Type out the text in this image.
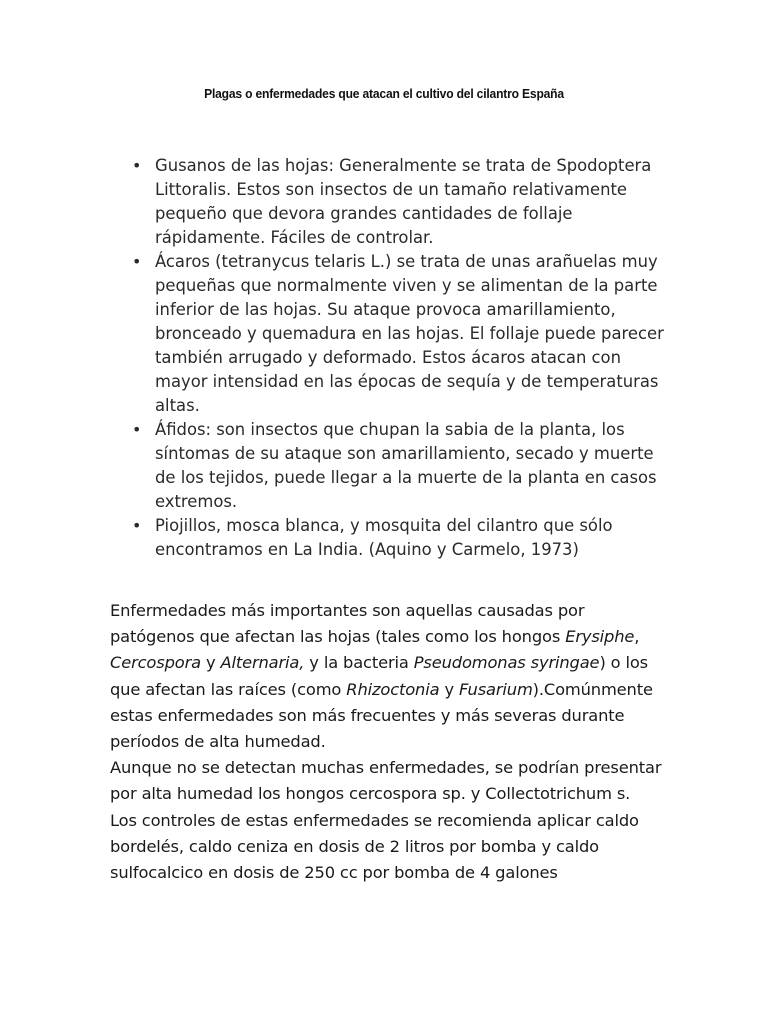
Plagas o enfermedades que atacan el cultivo del cilantro España
• Gusanos de las hojas: Generalmente se trata de Spodoptera Littoralis. Estos son insectos de un tamaño relativamente pequeño que devora grandes cantidades de follaje rápidamente. Fáciles de controlar.
• Ácaros (tetranycus telaris L.) se trata de unas arañuelas muy pequeñas que normalmente viven y se alimentan de la parte inferior de las hojas. Su ataque provoca amarillamiento, bronceado y quemadura en las hojas. El follaje puede parecer también arrugado y deformado. Estos ácaros atacan con mayor intensidad en las épocas de sequía y de temperaturas altas.
• Áfidos: son insectos que chupan la sabia de la planta, los síntomas de su ataque son amarillamiento, secado y muerte de los tejidos, puede llegar a la muerte de la planta en casos extremos.
• Piojillos, mosca blanca, y mosquita del cilantro que sólo encontramos en La India. (Aquino y Carmelo, 1973)

Enfermedades más importantes son aquellas causadas por patógenos que afectan las hojas (tales como los hongos Erysiphe, Cercospora y Alternaria, y la bacteria Pseudomonas syringae) o los que afectan las raíces (como Rhizoctonia y Fusarium).Comúnmente estas enfermedades son más frecuentes y más severas durante períodos de alta humedad.

Aunque no se detectan muchas enfermedades, se podrían presentar por alta humedad los hongos cercospora sp. y Collectotrichum s.

Los controles de estas enfermedades se recomienda aplicar caldo bordelés, caldo ceniza en dosis de 2 litros por bomba y caldo sulfocalcico en dosis de 250 cc por bomba de 4 galones
